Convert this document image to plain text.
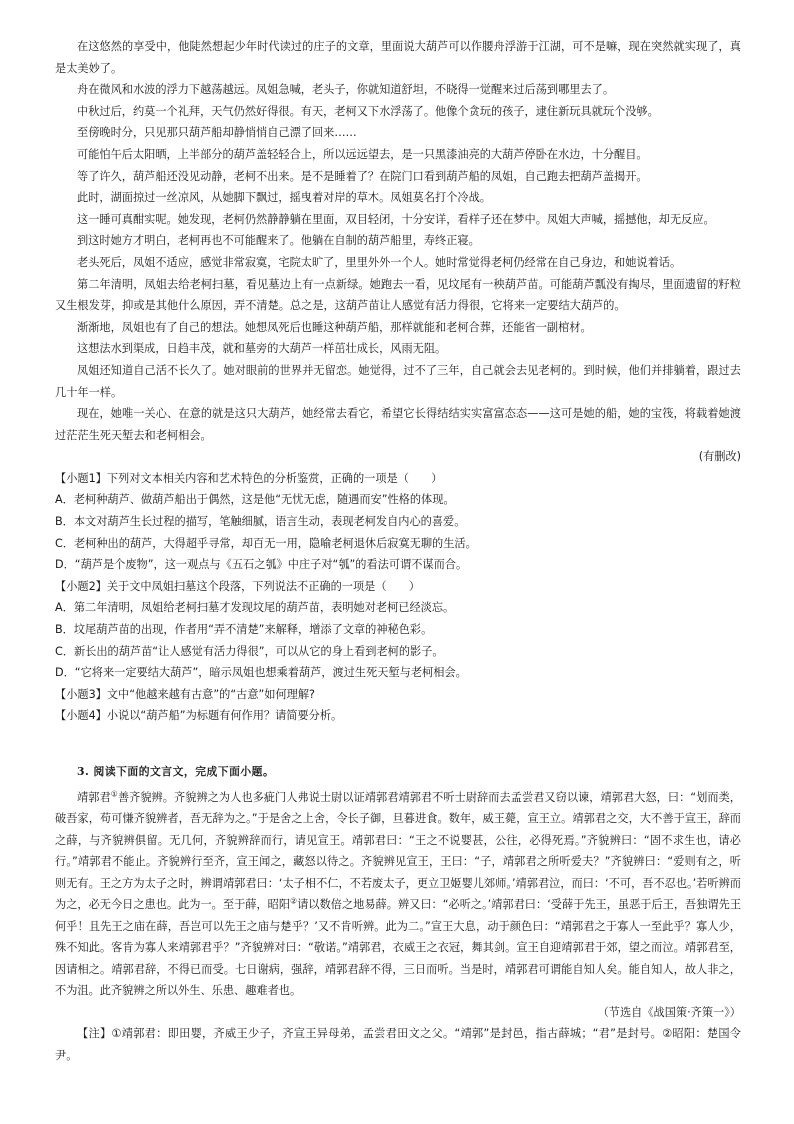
在这悠然的享受中，他陡然想起少年时代读过的庄子的文章，里面说大葫芦可以作腰舟浮游于江湖，可不是嘛，现在突然就实现了，真是太美妙了。

舟在微风和水波的浮力下越荡越远。凤姐急喊，老头子，你就知道舒坦，不晓得一觉醒来过后荡到哪里去了。

中秋过后，约莫一个礼拜，天气仍然好得很。有天，老柯又下水浮荡了。他像个贪玩的孩子，逮住新玩具就玩个没够。

至傍晚时分，只见那只葫芦船却静悄悄自己漂了回来……

可能怕午后太阳晒，上半部分的葫芦盖轻轻合上，所以远远望去，是一只黑漆油亮的大葫芦停卧在水边，十分醒目。

等了许久，葫芦船还没见动静，老柯不出来。是不是睡着了？在院门口看到葫芦船的凤姐，自己跑去把葫芦盖揭开。

此时，湖面掠过一丝凉风，从她脚下飘过，摇曳着对岸的草木。凤姐莫名打个冷战。

这一睡可真酣实呢。她发现，老柯仍然静静躺在里面，双目轻闭，十分安详，看样子还在梦中。凤姐大声喊，摇撼他，却无反应。

到这时她方才明白，老柯再也不可能醒来了。他躺在自制的葫芦船里，寿终正寝。

老头死后，凤姐不适应，感觉非常寂寞，宅院太旷了，里里外外一个人。她时常觉得老柯仍经常在自己身边，和她说着话。

第二年清明，凤姐去给老柯扫墓，看见墓边上有一点新绿。她跑去一看，见坟尾有一秧葫芦苗。可能葫芦瓢没有掏尽，里面遗留的籽粒又生根发芽，抑或是其他什么原因，弄不清楚。总之是，这葫芦苗让人感觉有活力得很，它将来一定要结大葫芦的。

渐渐地，凤姐也有了自己的想法。她想凤死后也睡这种葫芦船，那样就能和老柯合葬，还能省一副棺材。

这想法水到渠成，日趋丰茂，就和墓旁的大葫芦一样茁壮成长，风雨无阻。

凤姐还知道自己活不长久了。她对眼前的世界并无留恋。她觉得，过不了三年，自己就会去见老柯的。到时候，他们并排躺着，跟过去几十年一样。

现在，她唯一关心、在意的就是这只大葫芦，她经常去看它，希望它长得结结实实富富态态——这可是她的船，她的宝筏，将载着她渡过茫茫生死天堑去和老柯相会。

(有删改)

【小题1】下列对文本相关内容和艺术特色的分析鉴赏，正确的一项是（　　）

A．老柯种葫芦、做葫芦船出于偶然，这是他“无忧无虑，随遇而安”性格的体现。

B．本文对葫芦生长过程的描写，笔触细腻，语言生动，表现老柯发自内心的喜爱。

C．老柯种出的葫芦，大得超乎寻常，却百无一用，隐喻老柯退休后寂寞无聊的生活。

D．“葫芦是个废物”，这一观点与《五石之瓠》中庄子对“瓠”的看法可谓不谋而合。

【小题2】关于文中凤姐扫墓这个段落，下列说法不正确的一项是（　　）

A．第二年清明，凤姐给老柯扫墓才发现坟尾的葫芦苗，表明她对老柯已经淡忘。

B．坟尾葫芦苗的出现，作者用“弄不清楚”来解释，增添了文章的神秘色彩。

C．新长出的葫芦苗“让人感觉有活力得很”，可以从它的身上看到老柯的影子。

D．“它将来一定要结大葫芦”，暗示凤姐也想乘着葫芦，渡过生死天堑与老柯相会。

【小题3】文中“他越来越有古意”的“古意”如何理解?

【小题4】小说以“葫芦船”为标题有何作用？请简要分析。

3. 阅读下面的文言文，完成下面小题。

靖郭君①善齐貌辨。齐貌辨之为人也多疵门人弗说士尉以证靖郭君靖郭君不听士尉辞而去孟尝君又窃以谏，靖郭君大怒，曰：“划而类，破吾家，苟可慊齐貌辨者，吾无辞为之。”于是舍之上舍，令长子御，旦暮进食。数年，威王薨，宣王立。靖郭君之交，大不善于宣王，辞而之薛，与齐貌辨俱留。无几何，齐貌辨辞而行，请见宣王。靖郭君曰：“王之不说婴甚，公往，必得死焉。”齐貌辨曰：“固不求生也，请必行。”靖郭君不能止。齐貌辨行至齐，宣王闻之，藏怒以待之。齐貌辨见宣王，王曰：“子，靖郭君之所听爱夫？”齐貌辨曰：“爱则有之，听则无有。王之方为太子之时，辨谓靖郭君曰：‘太子相不仁，不若废太子，更立卫姬婴儿郊师。’靖郭君泣，而曰：‘不可，吾不忍也。’若听辨而为之，必无今日之患也。此为一。至于薛，昭阳②请以数倍之地易薛。辨又曰：“必听之。’靖郭君曰：‘受薛于先王，虽恶于后王，吾独谓先王何乎！且先王之庙在薛，吾岂可以先王之庙与楚乎？’又不肯听辨。此为二。”宣王大息，动于颜色曰：“靖郭君之于寡人一至此乎？寡人少，殊不知此。客肯为寡人来靖郭君乎？”齐貌辨对曰：“敬诺。”靖郭君，衣威王之衣冠，舞其剑。宣王自迎靖郭君于郊，望之而泣。靖郭君至，因请相之。靖郭君辞，不得已而受。七日谢病，强辞，靖郭君辞不得，三日而听。当是时，靖郭君可谓能自知人矣。能自知人，故人非之，不为沮。此齐貌辨之所以外生、乐患、趣难者也。

（节选自《战国策·齐策一》）

【注】①靖郭君：即田婴，齐威王少子，齐宣王异母弟，孟尝君田文之父。“靖郭”是封邑，指古薛城；“君”是封号。②昭阳：楚国令尹。
